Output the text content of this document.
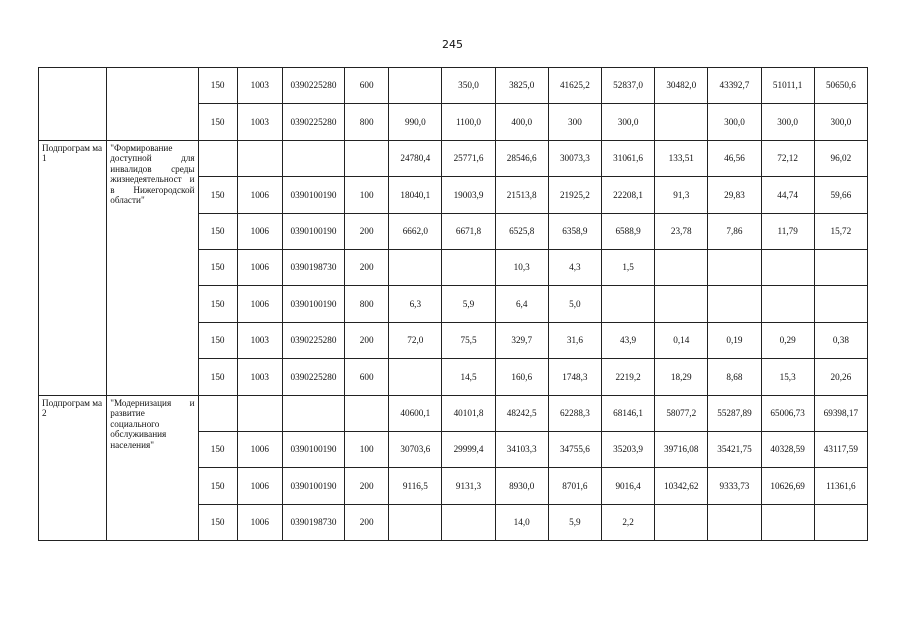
245
		150	1003	0390225280	600		350,0	3825,0	41625,2	52837,0	30482,0	43392,7	51011,1	50650,6
		150	1003	0390225280	800	990,0	1100,0	400,0	300	300,0		300,0	300,0	300,0
Подпрограм ма 1	"Формирование доступной для инвалидов среды жизнедеятельност и в Нижегородской области"					24780,4	25771,6	28546,6	30073,3	31061,6	133,51	46,56	72,12	96,02
		150	1006	0390100190	100	18040,1	19003,9	21513,8	21925,2	22208,1	91,3	29,83	44,74	59,66
		150	1006	0390100190	200	6662,0	6671,8	6525,8	6358,9	6588,9	23,78	7,86	11,79	15,72
		150	1006	0390198730	200			10,3	4,3	1,5				
		150	1006	0390100190	800	6,3	5,9	6,4	5,0					
		150	1003	0390225280	200	72,0	75,5	329,7	31,6	43,9	0,14	0,19	0,29	0,38
		150	1003	0390225280	600		14,5	160,6	1748,3	2219,2	18,29	8,68	15,3	20,26
Подпрограм ма 2	"Модернизация и развитие социального обслуживания населения"					40600,1	40101,8	48242,5	62288,3	68146,1	58077,2	55287,89	65006,73	69398,17
		150	1006	0390100190	100	30703,6	29999,4	34103,3	34755,6	35203,9	39716,08	35421,75	40328,59	43117,59
		150	1006	0390100190	200	9116,5	9131,3	8930,0	8701,6	9016,4	10342,62	9333,73	10626,69	11361,6
		150	1006	0390198730	200			14,0	5,9	2,2				
